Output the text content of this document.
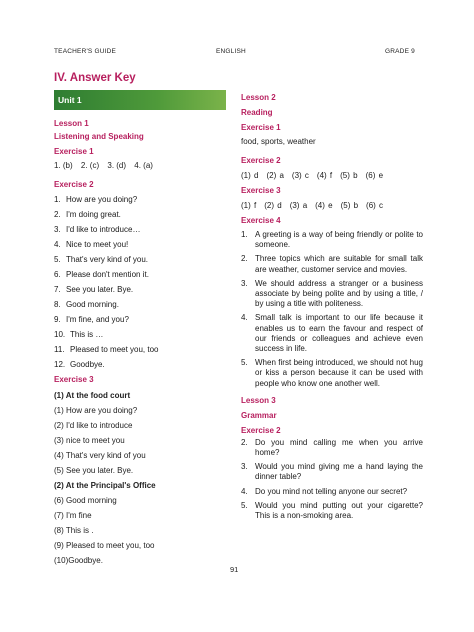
TEACHER'S GUIDE	ENGLISH	GRADE 9
IV. Answer Key
Unit 1
Lesson 1
Listening and Speaking
Exercise 1
1. (b) 2. (c) 3. (d) 4. (a)
Exercise 2
1. How are you doing?
2. I'm doing great.
3. I'd like to introduce…
4. Nice to meet you!
5. That's very kind of you.
6. Please don't mention it.
7. See you later. Bye.
8. Good morning.
9. I'm fine, and you?
10. This is …
11. Pleased to meet you, too
12. Goodbye.
Exercise 3
(1) At the food court
(1) How are you doing?
(2) I'd like to introduce
(3) nice to meet you
(4) That's very kind of you
(5) See you later. Bye.
(2) At the Principal's Office
(6) Good morning
(7) I'm fine
(8) This is .
(9) Pleased to meet you, too
(10)Goodbye.
Lesson 2
Reading
Exercise 1
food, sports, weather
Exercise 2
(1) d (2) a (3) c (4) f (5) b (6) e
Exercise 3
(1) f (2) d (3) a (4) e (5) b (6) c
Exercise 4
1. A greeting is a way of being friendly or polite to someone.
2. Three topics which are suitable for small talk are weather, customer service and movies.
3. We should address a stranger or a business associate by being polite and by using a title, / by using a title with politeness.
4. Small talk is important to our life because it enables us to earn the favour and respect of our friends or colleagues and achieve even success in life.
5. When first being introduced, we should not hug or kiss a person because it can be used with people who know one another well.
Lesson 3
Grammar
Exercise 2
2. Do you mind calling me when you arrive home?
3. Would you mind giving me a hand laying the dinner table?
4. Do you mind not telling anyone our secret?
5. Would you mind putting out your cigarette? This is a non-smoking area.
91
